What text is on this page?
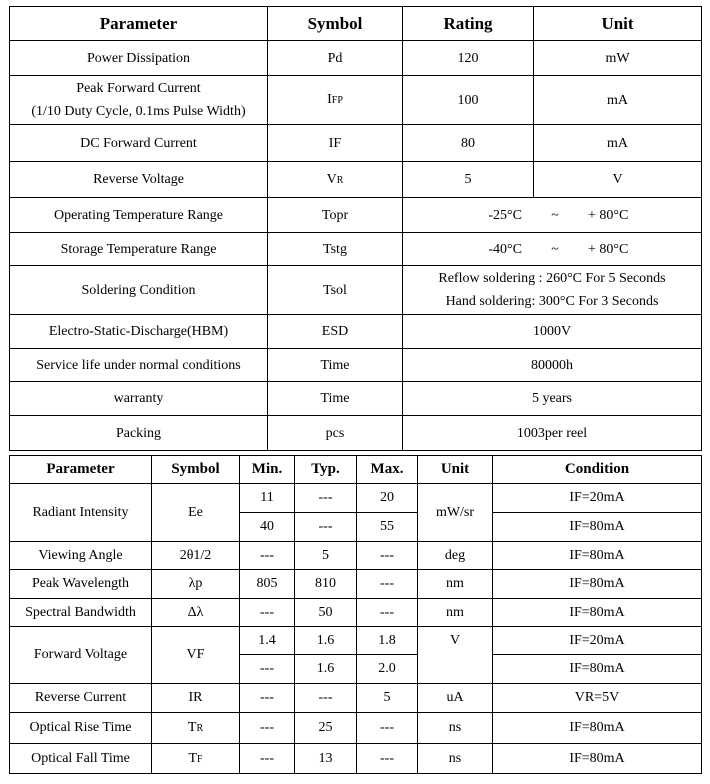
Parameter	Symbol	Rating	Unit
Power Dissipation	Pd	120	mW

Peak Forward Current
(1/10 Duty Cycle, 0.1ms Pulse Width)	IFP	100	mA
DC Forward Current	IF	80	mA
Reverse Voltage	VR	5	V
Operating Temperature Range	Topr	-25°C ~ + 80°C	

Storage Temperature Range	Tstg	-40°C ~ + 80°C	

Soldering Condition	Tsol	Reflow soldering : 260°C For 5 Seconds
Hand soldering: 300°C For 3 Seconds	

Electro-Static-Discharge(HBM)	ESD	1000V	
Service life under normal conditions	Time	80000h	
warranty	Time	5 years	
Packing	pcs	1003per reel	
Parameter	Symbol	Min.	Typ.	Max.	Unit	Condition
Radiant Intensity	Ee	11	---	20	mW/sr	IF=20mA
		40	---	55		IF=80mA
Viewing Angle	2θ1/2	---	5	---	deg	IF=80mA
Peak Wavelength	λp	805	810	---	nm	IF=80mA
Spectral Bandwidth	Δλ	---	50	---	nm	IF=80mA
Forward Voltage	VF	1.4	1.6	1.8	V	IF=20mA
		---	1.6	2.0		IF=80mA
Reverse Current	IR	---	---	5	uA	VR=5V
Optical Rise Time	TR	---	25	---	ns	IF=80mA
Optical Fall Time	TF	---	13	---	ns	IF=80mA
